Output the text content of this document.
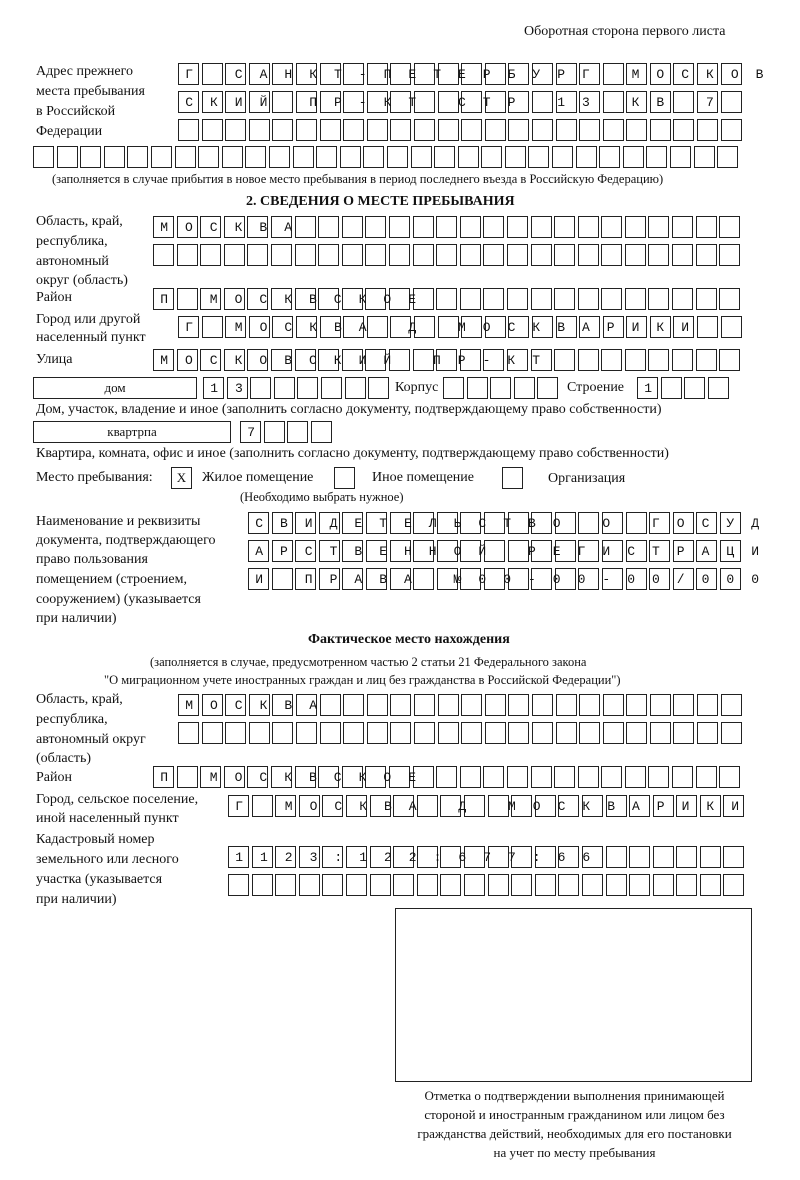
Оборотная сторона первого листа
Адрес прежнего
места пребывания
в Российской
Федерации
Г САНКТ-ПЕТЕРБУРГ МОСКОВ
СКИЙ ПР-КТ СТР 13 КВ 7

(заполняется в случае прибытия в новое место пребывания в период последнего въезда в Российскую Федерацию)
2. СВЕДЕНИЯ О МЕСТЕ ПРЕБЫВАНИЯ
Область, край,
республика,
автономный
округ (область)
МОСКВА

Район	П МОСКВСКОЕ
Город или другой
населенный пункт
Г МОСКВА Д МОСКВАРИКИ
Улица	МОСКОВСКИЙ ПР-КТ
дом	13
Корпус
	Строение	1
Дом, участок, владение и иное (заполнить согласно документу, подтверждающему право собственности)
квартрпа	7
Квартира, комната, офис и иное (заполнить согласно документу, подтверждающему право собственности)
Место пребывания:	X	Жилое помещение	Иное помещение	Организация
(Необходимо выбрать нужное)
Наименование и реквизиты
документа, подтверждающего
право пользования
помещением (строением,
сооружением) (указывается
при наличии)
СВИДЕТЕЛЬСТВО О ГОСУД
АРСТВЕННОЙ РЕГИСТРАЦИ
И ПРАВА №00-00-00/000
Фактическое место нахождения
(заполняется в случае, предусмотренном частью 2 статьи 21 Федерального закона
"О миграционном учете иностранных граждан и лиц без гражданства в Российской Федерации")
Область, край,
республика,
автономный округ
(область)
МОСКВА

Район	П МОСКВСКОЕ
Город, сельское поселение,
иной населенный пункт
Г МОСКВА Д МОСКВАРИКИ
Кадастровый номер
земельного или лесного
участка (указывается
при наличии)
1123:122:677:66

Отметка о подтверждении выполнения принимающей
стороной и иностранным гражданином или лицом без
гражданства действий, необходимых для его постановки
на учет по месту пребывания
